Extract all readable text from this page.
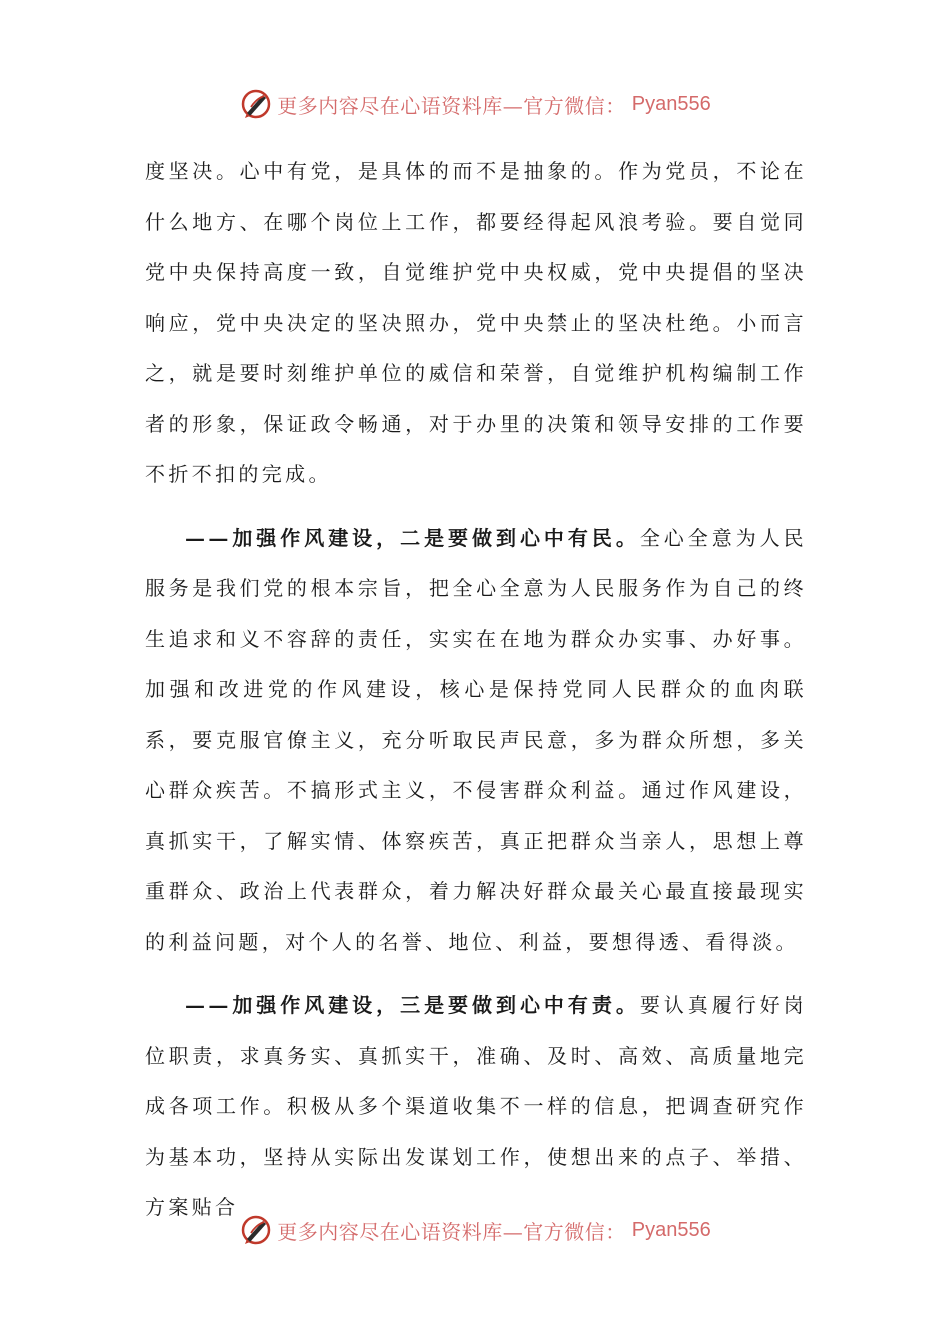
更多内容尽在心语资料库—官方微信： Pyan556

度坚决。心中有党，是具体的而不是抽象的。作为党员，不论在什么地方、在哪个岗位上工作，都要经得起风浪考验。要自觉同党中央保持高度一致，自觉维护党中央权威，党中央提倡的坚决响应，党中央决定的坚决照办，党中央禁止的坚决杜绝。小而言之，就是要时刻维护单位的威信和荣誉，自觉维护机构编制工作者的形象，保证政令畅通，对于办里的决策和领导安排的工作要不折不扣的完成。

——加强作风建设，二是要做到心中有民。全心全意为人民服务是我们党的根本宗旨，把全心全意为人民服务作为自己的终生追求和义不容辞的责任，实实在在地为群众办实事、办好事。加强和改进党的作风建设，核心是保持党同人民群众的血肉联系，要克服官僚主义，充分听取民声民意，多为群众所想，多关心群众疾苦。不搞形式主义，不侵害群众利益。通过作风建设，真抓实干，了解实情、体察疾苦，真正把群众当亲人，思想上尊重群众、政治上代表群众，着力解决好群众最关心最直接最现实的利益问题，对个人的名誉、地位、利益，要想得透、看得淡。

——加强作风建设，三是要做到心中有责。要认真履行好岗位职责，求真务实、真抓实干，准确、及时、高效、高质量地完成各项工作。积极从多个渠道收集不一样的信息，把调查研究作为基本功，坚持从实际出发谋划工作，使想出来的点子、举措、方案贴合

更多内容尽在心语资料库—官方微信： Pyan556
